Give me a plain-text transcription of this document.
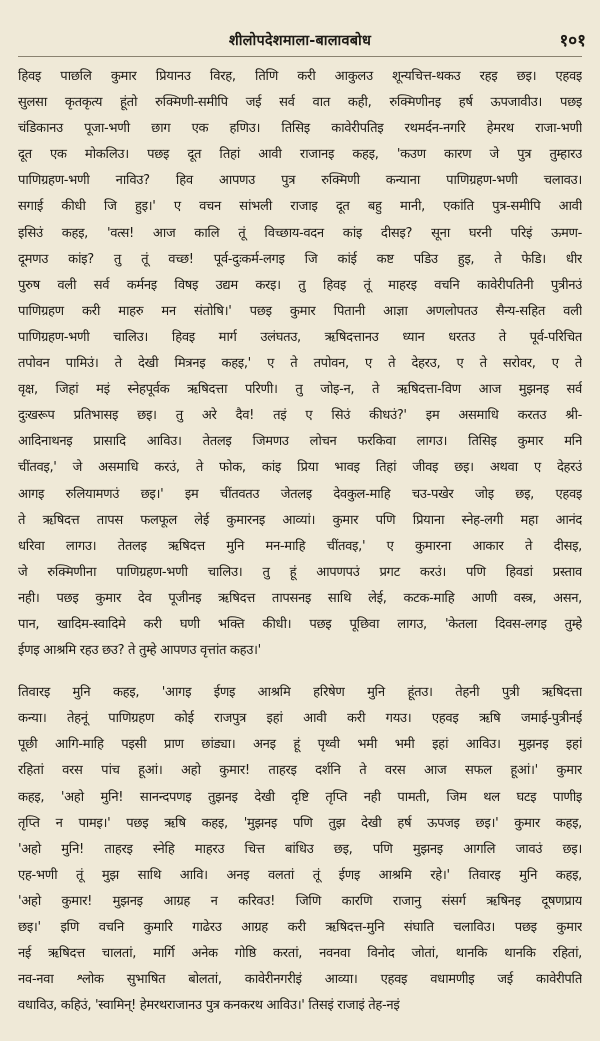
शीलोपदेशमाला-बालावबोध	१०१
हिवइ पाछलि कुमार प्रियानउ विरह, तिणि करी आकुलउ शून्यचित्त-थकउ रहइ छइ। एहवइ
सुलसा कृतकृत्य हूंतो रुक्मिणी-समीपि जई सर्व वात कही, रुक्मिणीनइ हर्ष ऊपजावीउ। पछइ
चंडिकानउ पूजा-भणी छाग एक हणिउ। तिसिइ कावेरीपतिइ रथमर्दन-नगरि हेमरथ राजा-भणी
दूत एक मोकलिउ। पछइ दूत तिहां आवी राजानइ कहइ, 'कउण कारण जे पुत्र तुम्हारउ
पाणिग्रहण-भणी नाविउ? हिव आपणउ पुत्र रुक्मिणी कन्याना पाणिग्रहण-भणी चलावउ।
सगाई कीधी जि हुइ।' ए वचन सांभली राजाइ दूत बहु मानी, एकांति पुत्र-समीपि आवी
इसिउं कहइ, 'वत्स! आज कालि तूं विच्छाय-वदन कांइ दीसइ? सूना घरनी परिइं ऊमण-
दूमणउ कांइ? तु तूं वच्छ! पूर्व-दुःकर्म-लगइ जि कांई कष्ट पडिउ हुइ, ते फेडि। धीर
पुरुष वली सर्व कर्मनइ विषइ उद्यम करइ। तु हिवइ तूं माहरइ वचनि कावेरीपतिनी पुत्रीनउं
पाणिग्रहण करी माहरु मन संतोषि।' पछइ कुमार पितानी आज्ञा अणलोपतउ सैन्य-सहित वली
पाणिग्रहण-भणी चालिउ। हिवइ मार्ग उलंघतउ, ऋषिदत्तानउ ध्यान धरतउ ते पूर्व-परिचित
तपोवन पामिउं। ते देखी मित्रनइ कहइ,' ए ते तपोवन, ए ते देहरउ, ए ते सरोवर, ए ते
वृक्ष, जिहां मइं स्नेहपूर्वक ऋषिदत्ता परिणी। तु जोइ-न, ते ऋषिदत्ता-विण आज मुझनइ सर्व
दुःखरूप प्रतिभासइ छइ। तु अरे दैव! तइं ए सिउं कीधउं?' इम असमाधि करतउ श्री-
आदिनाथनइ प्रासादि आविउ। तेतलइ जिमणउ लोचन फरकिवा लागउ। तिसिइ कुमार मनि
चींतवइ,' जे असमाधि करउं, ते फोक, कांइ प्रिया भावइ तिहां जीवइ छइ। अथवा ए देहरउं
आगइ रुलियामणउं छइ।' इम चींतवतउ जेतलइ देवकुल-माहि चउ-पखेर जोइ छइ, एहवइ
ते ऋषिदत्त तापस फलफूल लेई कुमारनइ आव्यां। कुमार पणि प्रियाना स्नेह-लगी महा आनंद
धरिवा लागउ। तेतलइ ऋषिदत्त मुनि मन-माहि चींतवइ,' ए कुमारना आकार ते दीसइ,
जे रुक्मिणीना पाणिग्रहण-भणी चालिउ। तु हूं आपणपउं प्रगट करउं। पणि हिवडां प्रस्ताव
नही। पछइ कुमार देव पूजीनइ ऋषिदत्त तापसनइ साथि लेई, कटक-माहि आणी वस्त्र, असन,
पान, खादिम-स्वादिमे करी घणी भक्ति कीधी। पछइ पूछिवा लागउ, 'केतला दिवस-लगइ तुम्हे
ईणइ आश्रमि रहउ छउ? ते तुम्हे आपणउ वृत्तांत कहउ।'
तिवारइ मुनि कहइ, 'आगइ ईणइ आश्रमि हरिषेण मुनि हूंतउ। तेहनी पुत्री ऋषिदत्ता
कन्या। तेहनूं पाणिग्रहण कोई राजपुत्र इहां आवी करी गयउ। एहवइ ऋषि जमाई-पुत्रीनई
पूछी आगि-माहि पइसी प्राण छांड्या। अनइ हूं पृथ्वी भमी भमी इहां आविउ। मुझनइ इहां
रहितां वरस पांच हूआं। अहो कुमार! ताहरइ दर्शनि ते वरस आज सफल हूआं।' कुमार
कहइ, 'अहो मुनि! सानन्दपणइ तुझनइ देखी दृष्टि तृप्ति नही पामती, जिम थल घटइ पाणीइ
तृप्ति न पामइ।' पछइ ऋषि कहइ, 'मुझनइ पणि तुझ देखी हर्ष ऊपजइ छइ।' कुमार कहइ,
'अहो मुनि! ताहरइ स्नेहि माहरउ चित्त बांधिउ छइ, पणि मुझनइ आगलि जावउं छइ।
एह-भणी तूं मुझ साथि आवि। अनइ वलतां तूं ईणइ आश्रमि रहे।' तिवारइ मुनि कहइ,
'अहो कुमार! मुझनइ आग्रह न करिवउ! जिणि कारणि राजानु संसर्ग ऋषिनइ दूषणप्राय
छइ।' इणि वचनि कुमारि गाढेरउ आग्रह करी ऋषिदत्त-मुनि संघाति चलाविउ। पछइ कुमार
नई ऋषिदत्त चालतां, मार्गि अनेक गोष्ठि करतां, नवनवा विनोद जोतां, थानकि थानकि रहितां,
नव-नवा श्लोक सुभाषित बोलतां, कावेरीनगरीइं आव्या। एहवइ वधामणीइ जई कावेरीपति
वधाविउ, कहिउं, 'स्वामिन्! हेमरथराजानउ पुत्र कनकरथ आविउ।' तिसइं राजाइं तेह-नइं
